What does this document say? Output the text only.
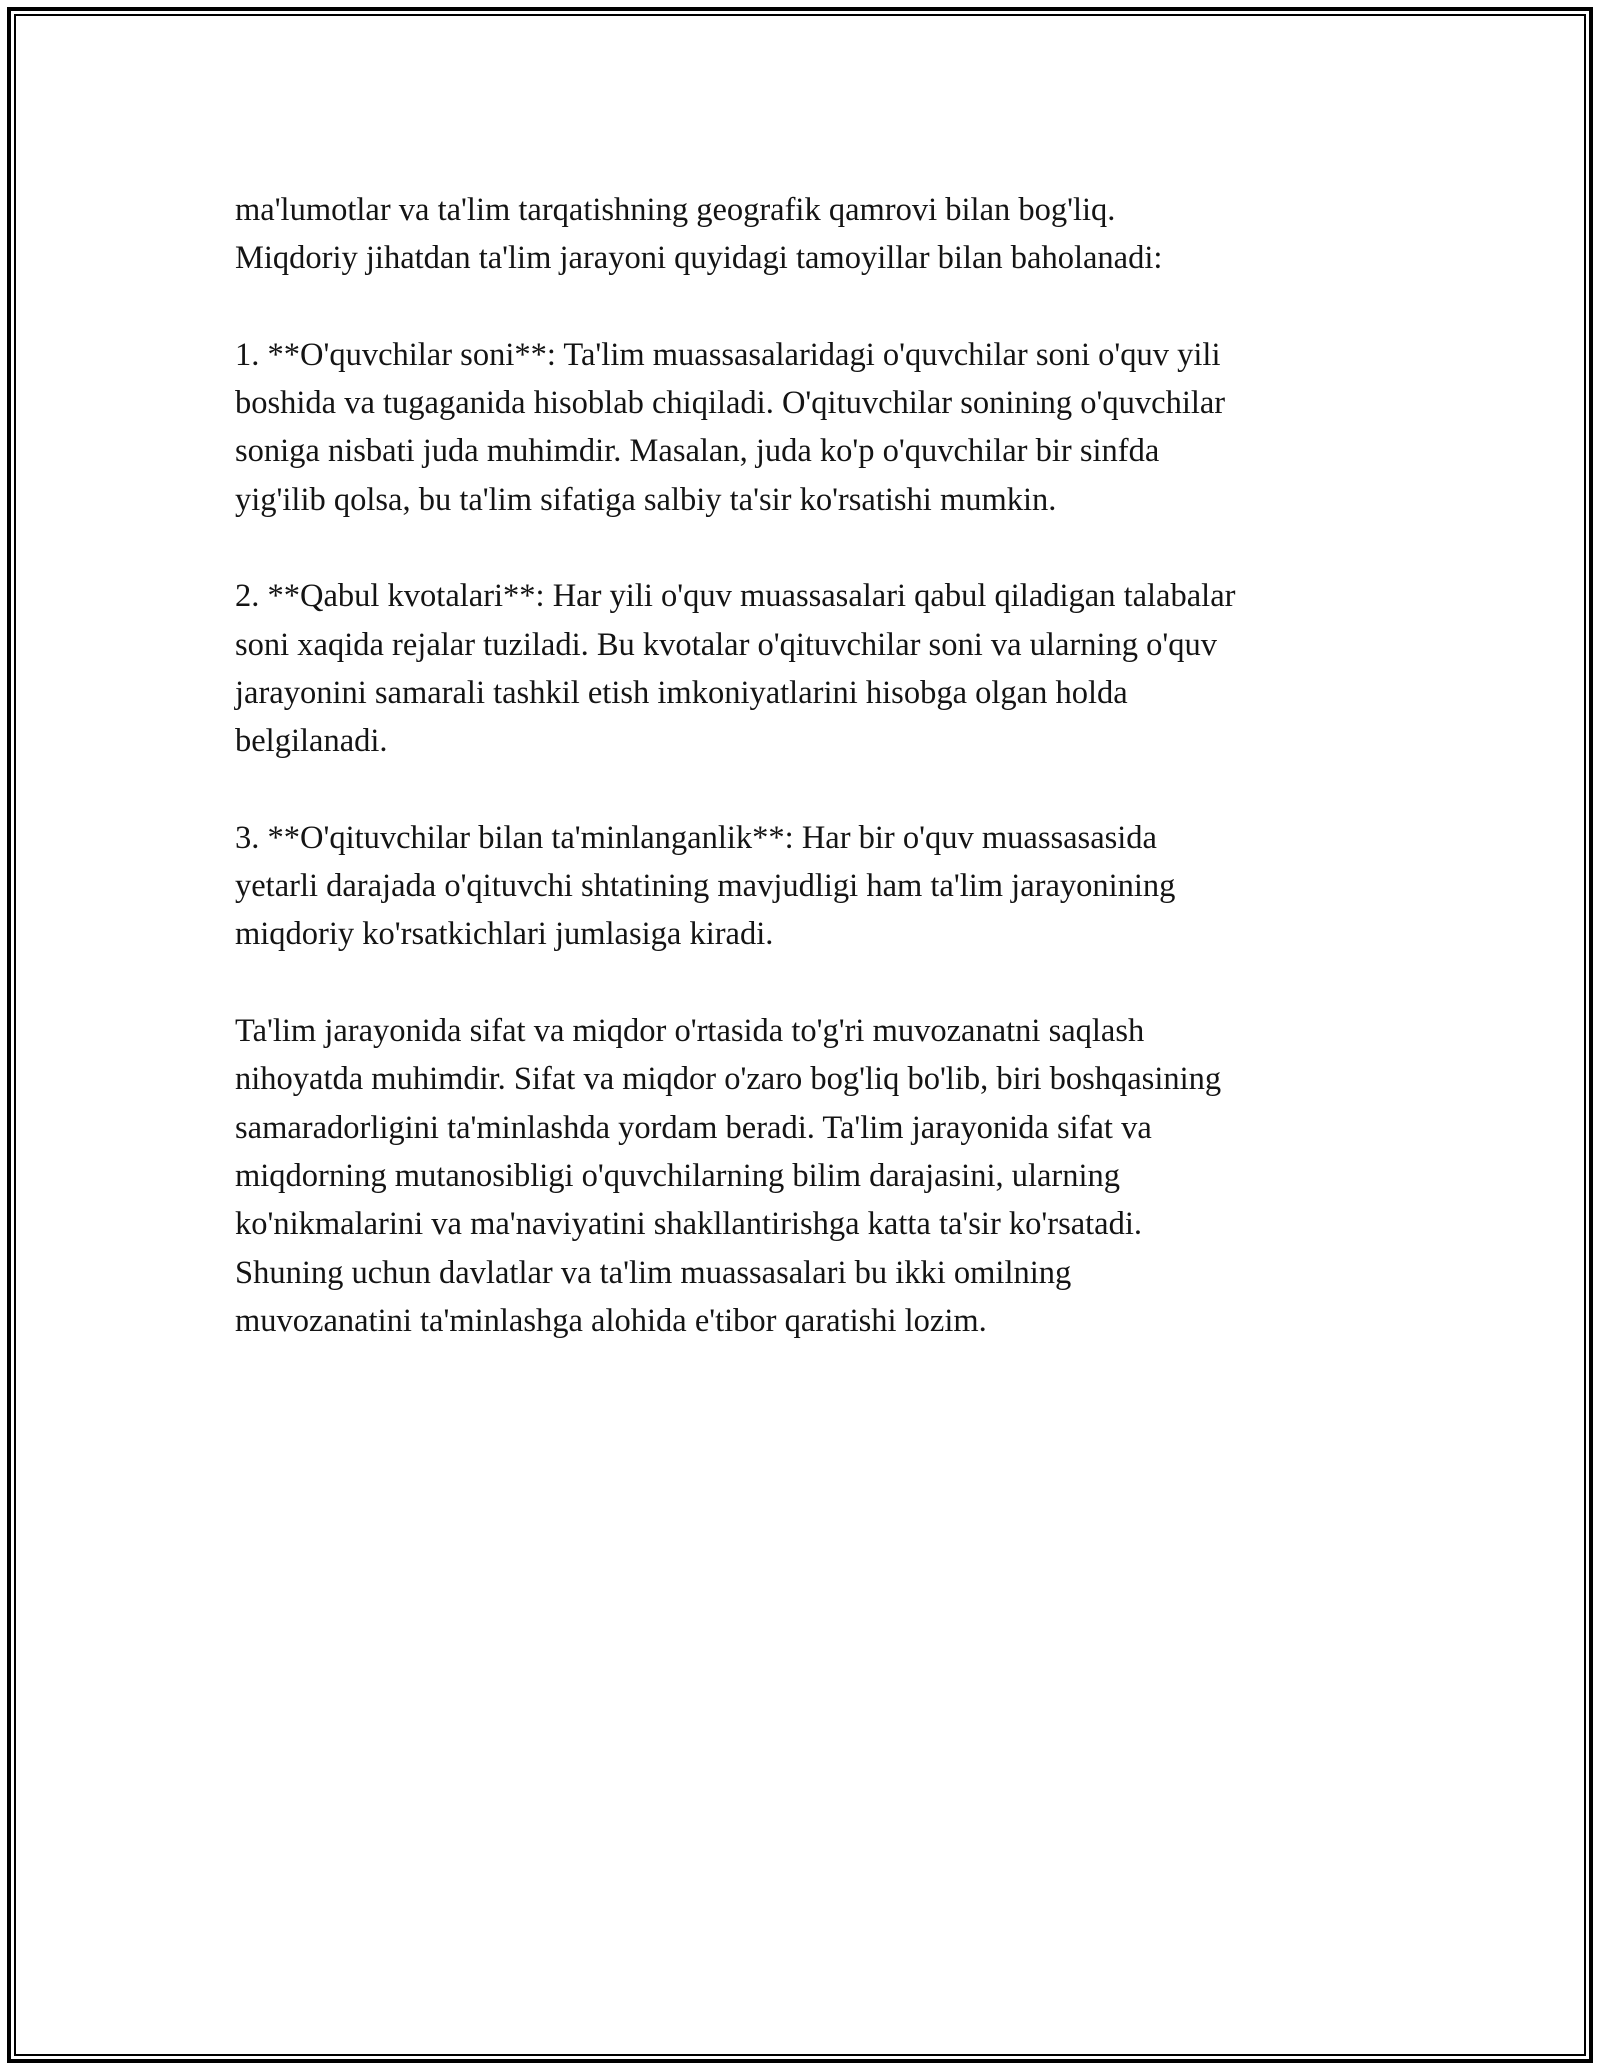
ma'lumotlar va ta'lim tarqatishning geografik qamrovi bilan bog'liq.
Miqdoriy jihatdan ta'lim jarayoni quyidagi tamoyillar bilan baholanadi:
1. **O'quvchilar soni**: Ta'lim muassasalaridagi o'quvchilar soni o'quv yili
boshida va tugaganida hisoblab chiqiladi. O'qituvchilar sonining o'quvchilar
soniga nisbati juda muhimdir. Masalan, juda ko'p o'quvchilar bir sinfda
yig'ilib qolsa, bu ta'lim sifatiga salbiy ta'sir ko'rsatishi mumkin.
2. **Qabul kvotalari**: Har yili o'quv muassasalari qabul qiladigan talabalar
soni xaqida rejalar tuziladi. Bu kvotalar o'qituvchilar soni va ularning o'quv
jarayonini samarali tashkil etish imkoniyatlarini hisobga olgan holda
belgilanadi.
3. **O'qituvchilar bilan ta'minlanganlik**: Har bir o'quv muassasasida
yetarli darajada o'qituvchi shtatining mavjudligi ham ta'lim jarayonining
miqdoriy ko'rsatkichlari jumlasiga kiradi.
Ta'lim jarayonida sifat va miqdor o'rtasida to'g'ri muvozanatni saqlash
nihoyatda muhimdir. Sifat va miqdor o'zaro bog'liq bo'lib, biri boshqasining
samaradorligini ta'minlashda yordam beradi. Ta'lim jarayonida sifat va
miqdorning mutanosibligi o'quvchilarning bilim darajasini, ularning
ko'nikmalarini va ma'naviyatini shakllantirishga katta ta'sir ko'rsatadi.
Shuning uchun davlatlar va ta'lim muassasalari bu ikki omilning
muvozanatini ta'minlashga alohida e'tibor qaratishi lozim.
